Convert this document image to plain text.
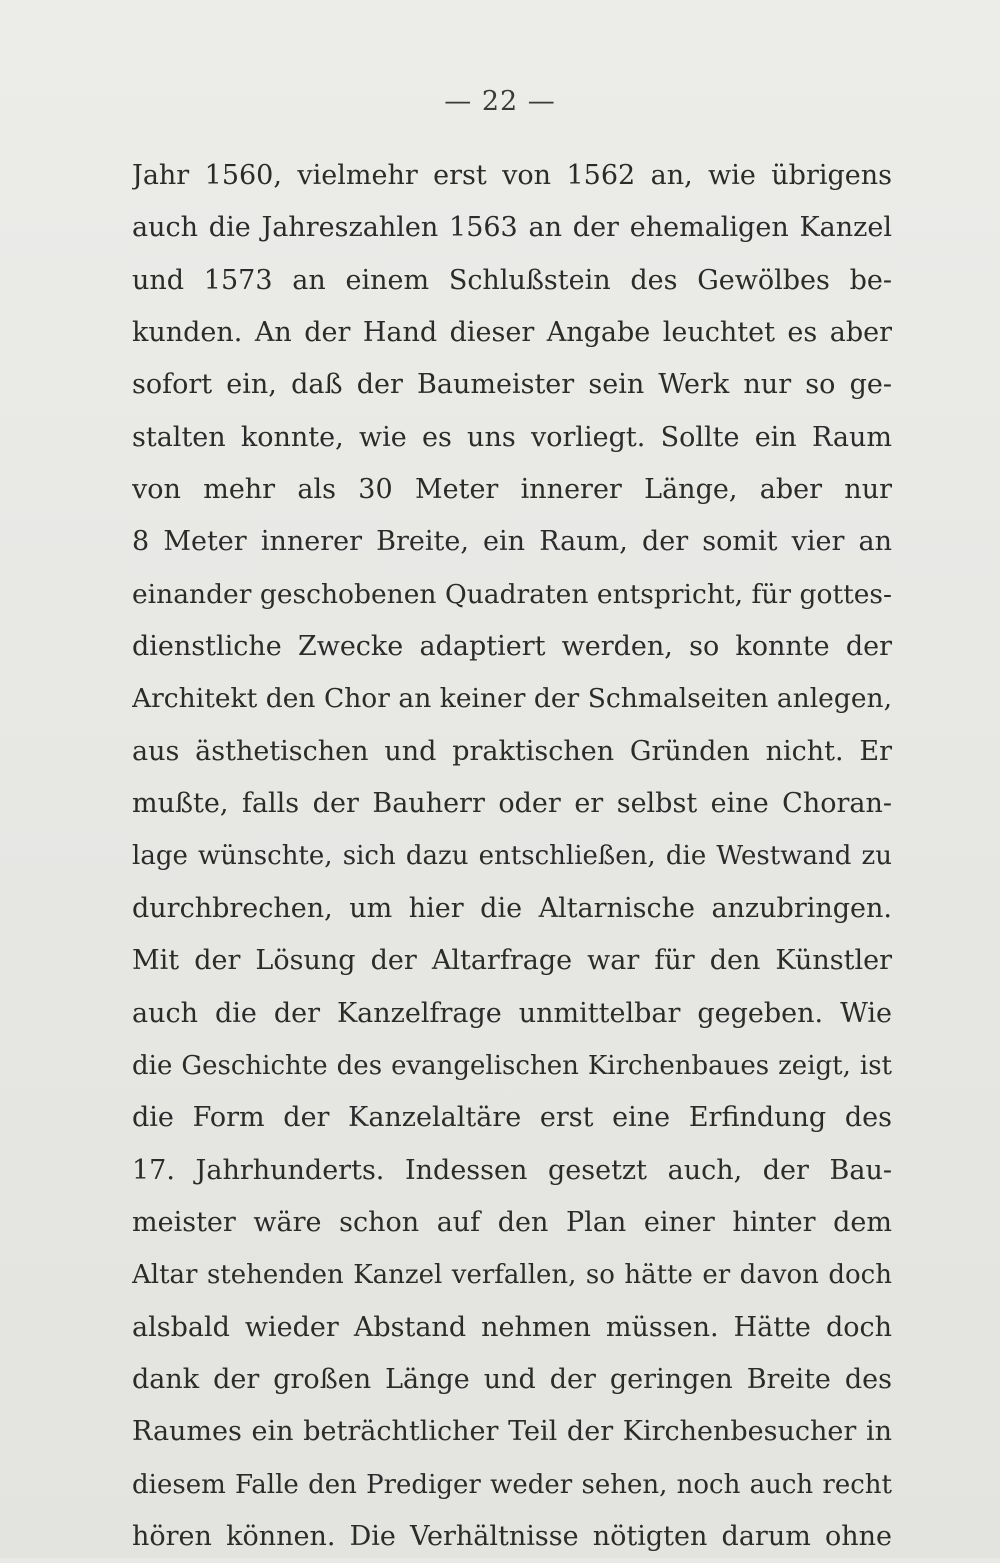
— 22 —
Jahr 1560, vielmehr erst von 1562 an, wie übrigens
auch die Jahreszahlen 1563 an der ehemaligen Kanzel
und 1573 an einem Schlußstein des Gewölbes be-
kunden. An der Hand dieser Angabe leuchtet es aber
sofort ein, daß der Baumeister sein Werk nur so ge-
stalten konnte, wie es uns vorliegt. Sollte ein Raum
von mehr als 30 Meter innerer Länge, aber nur
8 Meter innerer Breite, ein Raum, der somit vier an
einander geschobenen Quadraten entspricht, für gottes-
dienstliche Zwecke adaptiert werden, so konnte der
Architekt den Chor an keiner der Schmalseiten anlegen,
aus ästhetischen und praktischen Gründen nicht. Er
mußte, falls der Bauherr oder er selbst eine Choran-
lage wünschte, sich dazu entschließen, die Westwand zu
durchbrechen, um hier die Altarnische anzubringen.
Mit der Lösung der Altarfrage war für den Künstler
auch die der Kanzelfrage unmittelbar gegeben. Wie
die Geschichte des evangelischen Kirchenbaues zeigt, ist
die Form der Kanzelaltäre erst eine Erfindung des
17. Jahrhunderts. Indessen gesetzt auch, der Bau-
meister wäre schon auf den Plan einer hinter dem
Altar stehenden Kanzel verfallen, so hätte er davon doch
alsbald wieder Abstand nehmen müssen. Hätte doch
dank der großen Länge und der geringen Breite des
Raumes ein beträchtlicher Teil der Kirchenbesucher in
diesem Falle den Prediger weder sehen, noch auch recht
hören können. Die Verhältnisse nötigten darum ohne
